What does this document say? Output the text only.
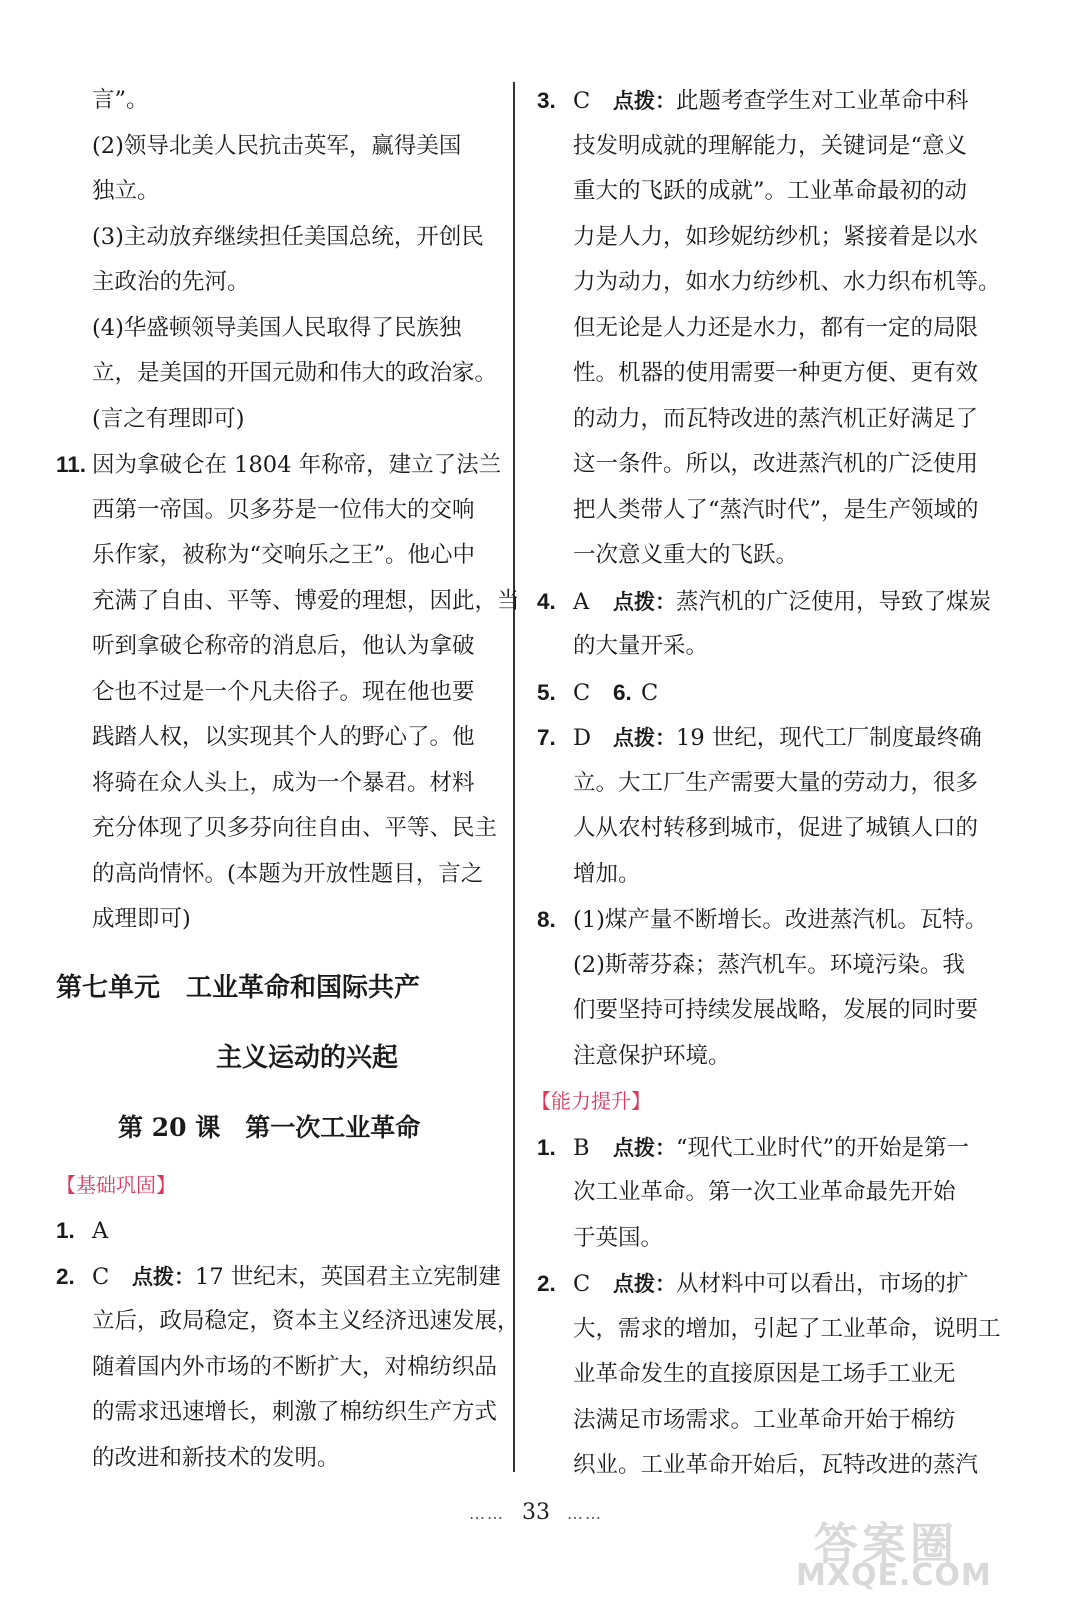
言”。
(2)领导北美人民抗击英军，赢得美国
独立。
(3)主动放弃继续担任美国总统，开创民
主政治的先河。
(4)华盛顿领导美国人民取得了民族独
立，是美国的开国元勋和伟大的政治家。
(言之有理即可)
11. 因为拿破仑在 1804 年称帝，建立了法兰
西第一帝国。贝多芬是一位伟大的交响
乐作家，被称为“交响乐之王”。他心中
充满了自由、平等、博爱的理想，因此，当
听到拿破仑称帝的消息后，他认为拿破
仑也不过是一个凡夫俗子。现在他也要
践踏人权，以实现其个人的野心了。他
将骑在众人头上，成为一个暴君。材料
充分体现了贝多芬向往自由、平等、民主
的高尚情怀。(本题为开放性题目，言之
成理即可)
第七单元　工业革命和国际共产
主义运动的兴起
第 20 课　第一次工业革命
【基础巩固】
1. A
2. C 点拨：17 世纪末，英国君主立宪制建
立后，政局稳定，资本主义经济迅速发展，
随着国内外市场的不断扩大，对棉纺织品
的需求迅速增长，刺激了棉纺织生产方式
的改进和新技术的发明。
3. C 点拨：此题考查学生对工业革命中科
技发明成就的理解能力，关键词是“意义
重大的飞跃的成就”。工业革命最初的动
力是人力，如珍妮纺纱机；紧接着是以水
力为动力，如水力纺纱机、水力织布机等。
但无论是人力还是水力，都有一定的局限
性。机器的使用需要一种更方便、更有效
的动力，而瓦特改进的蒸汽机正好满足了
这一条件。所以，改进蒸汽机的广泛使用
把人类带人了“蒸汽时代”，是生产领域的
一次意义重大的飞跃。
4. A 点拨：蒸汽机的广泛使用，导致了煤炭
的大量开采。
5. C 6. C
7. D 点拨：19 世纪，现代工厂制度最终确
立。大工厂生产需要大量的劳动力，很多
人从农村转移到城市，促进了城镇人口的
增加。
8. (1)煤产量不断增长。改进蒸汽机。瓦特。
(2)斯蒂芬森；蒸汽机车。环境污染。我
们要坚持可持续发展战略，发展的同时要
注意保护环境。
【能力提升】
1. B 点拨：“现代工业时代”的开始是第一
次工业革命。第一次工业革命最先开始
于英国。
2. C 点拨：从材料中可以看出，市场的扩
大，需求的增加，引起了工业革命，说明工
业革命发生的直接原因是工场手工业无
法满足市场需求。工业革命开始于棉纺
织业。工业革命开始后，瓦特改进的蒸汽
…… 33 ……
答案圈
MXQE.COM
